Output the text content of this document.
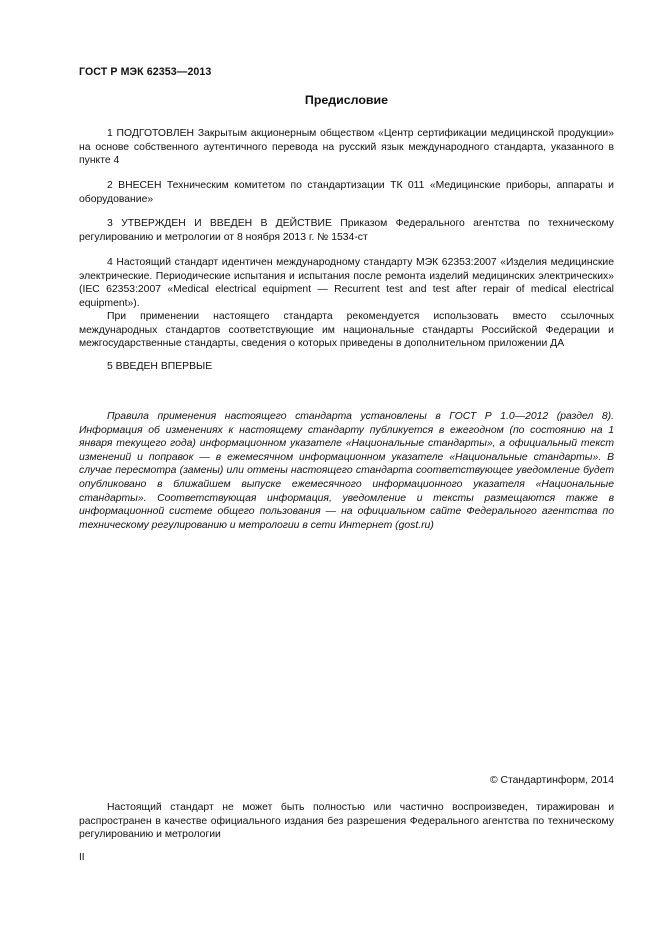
ГОСТ Р МЭК 62353—2013
Предисловие

1 ПОДГОТОВЛЕН Закрытым акционерным обществом «Центр сертификации медицинской продукции» на основе собственного аутентичного перевода на русский язык международного стандарта, указанного в пункте 4

2 ВНЕСЕН Техническим комитетом по стандартизации ТК 011 «Медицинские приборы, аппараты и оборудование»

3 УТВЕРЖДЕН И ВВЕДЕН В ДЕЙСТВИЕ Приказом Федерального агентства по техническому регулированию и метрологии от 8 ноября 2013 г. № 1534-ст

4 Настоящий стандарт идентичен международному стандарту МЭК 62353:2007 «Изделия медицинские электрические. Периодические испытания и испытания после ремонта изделий медицинских электрических» (IEC 62353:2007 «Medical electrical equipment — Recurrent test and test after repair of medical electrical equipment»).

При применении настоящего стандарта рекомендуется использовать вместо ссылочных международных стандартов соответствующие им национальные стандарты Российской Федерации и межгосударственные стандарты, сведения о которых приведены в дополнительном приложении ДА

5 ВВЕДЕН ВПЕРВЫЕ

Правила применения настоящего стандарта установлены в ГОСТ Р 1.0—2012 (раздел 8). Информация об изменениях к настоящему стандарту публикуется в ежегодном (по состоянию на 1 января текущего года) информационном указателе «Национальные стандарты», а официальный текст изменений и поправок — в ежемесячном информационном указателе «Национальные стандарты». В случае пересмотра (замены) или отмены настоящего стандарта соответствующее уведомление будет опубликовано в ближайшем выпуске ежемесячного информационного указателя «Национальные стандарты». Соответствующая информация, уведомление и тексты размещаются также в информационной системе общего пользования — на официальном сайте Федерального агентства по техническому регулированию и метрологии в сети Интернет (gost.ru)

© Стандартинформ, 2014

Настоящий стандарт не может быть полностью или частично воспроизведен, тиражирован и распространен в качестве официального издания без разрешения Федерального агентства по техническому регулированию и метрологии

II
